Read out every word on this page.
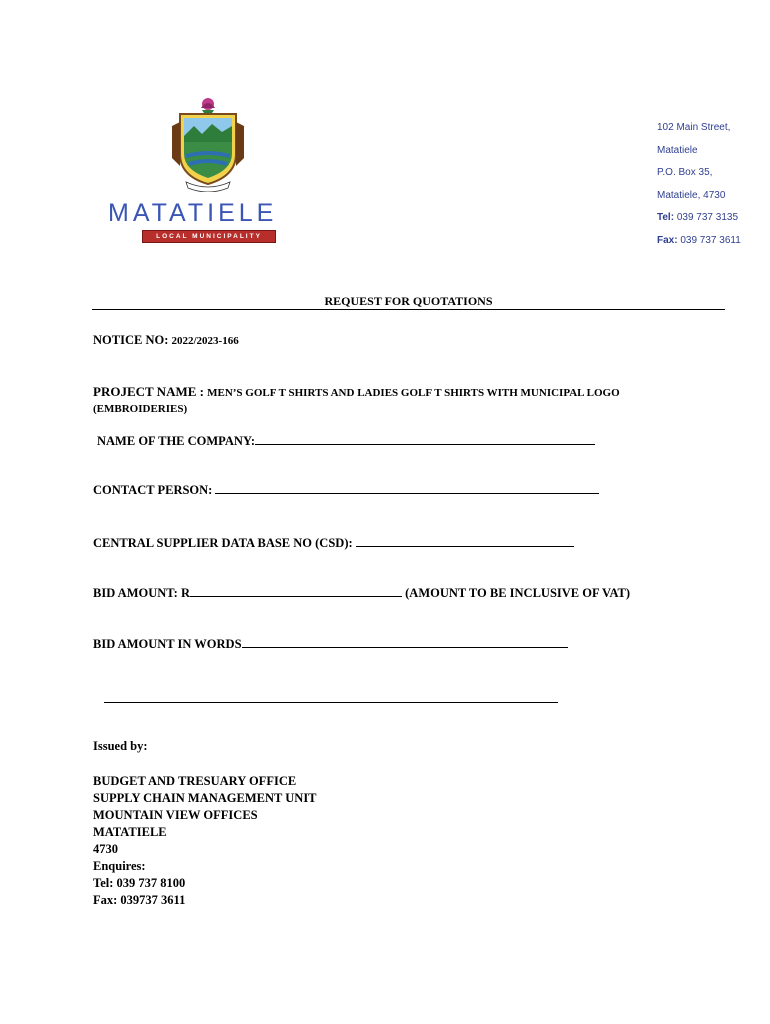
MATATIELE
LOCAL MUNICIPALITY
102 Main Street,
Matatiele
P.O. Box 35,
Matatiele, 4730
Tel: 039 737 3135
Fax: 039 737 3611
REQUEST FOR QUOTATIONS
NOTICE NO: 2022/2023-166
PROJECT NAME : MEN’S GOLF T SHIRTS AND LADIES GOLF T SHIRTS WITH MUNICIPAL LOGO
(EMBROIDERIES)
NAME OF THE COMPANY:
CONTACT PERSON:
CENTRAL SUPPLIER DATA BASE NO (CSD):
BID AMOUNT: R	(AMOUNT TO BE INCLUSIVE OF VAT)
BID AMOUNT IN WORDS
Issued by:
BUDGET AND TRESUARY OFFICE
SUPPLY CHAIN MANAGEMENT UNIT
MOUNTAIN VIEW OFFICES
MATATIELE
4730
Enquires:
Tel: 039 737 8100
Fax: 039737 3611
